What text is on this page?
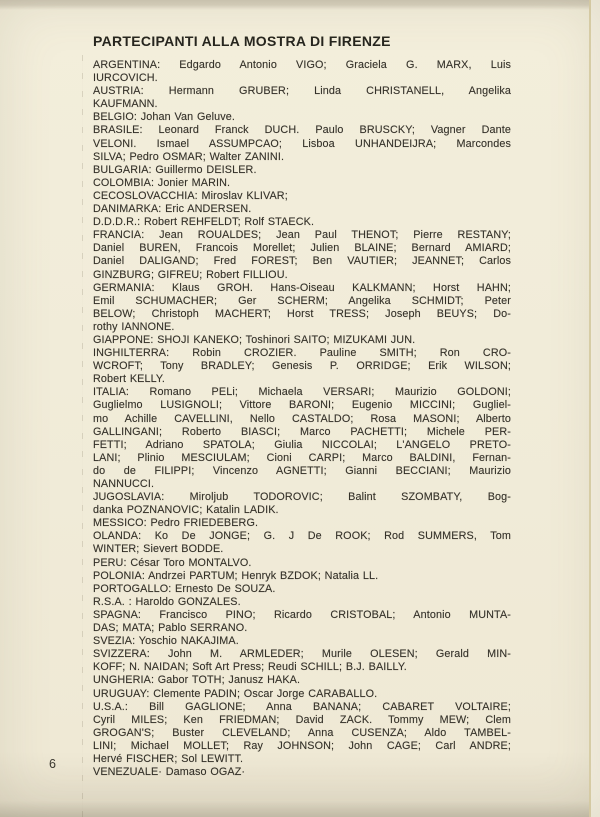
PARTECIPANTI ALLA MOSTRA DI FIRENZE
ARGENTINA: Edgardo Antonio VIGO; Graciela G. MARX, Luis
IURCOVICH.
AUSTRIA: Hermann GRUBER; Linda CHRISTANELL, Angelika
KAUFMANN.
BELGIO: Johan Van Geluve.
BRASILE: Leonard Franck DUCH. Paulo BRUSCKY; Vagner Dante
VELONI. Ismael ASSUMPCAO; Lisboa UNHANDEIJRA; Marcondes
SILVA; Pedro OSMAR; Walter ZANINI.
BULGARIA: Guillermo DEISLER.
COLOMBIA: Jonier MARIN.
CECOSLOVACCHIA: Miroslav KLIVAR;
DANIMARKA: Eric ANDERSEN.
D.D.D.R.: Robert REHFELDT; Rolf STAECK.
FRANCIA: Jean ROUALDES; Jean Paul THENOT; Pierre RESTANY;
Daniel BUREN, Francois Morellet; Julien BLAINE; Bernard AMIARD;
Daniel DALIGAND; Fred FOREST; Ben VAUTIER; JEANNET; Carlos
GINZBURG; GIFREU; Robert FILLIOU.
GERMANIA: Klaus GROH. Hans-Oiseau KALKMANN; Horst HAHN;
Emil SCHUMACHER; Ger SCHERM; Angelika SCHMIDT; Peter
BELOW; Christoph MACHERT; Horst TRESS; Joseph BEUYS; Do-
rothy IANNONE.
GIAPPONE: SHOJI KANEKO; Toshinori SAITO; MIZUKAMI JUN.
INGHILTERRA: Robin CROZIER. Pauline SMITH; Ron CRO-
WCROFT; Tony BRADLEY; Genesis P. ORRIDGE; Erik WILSON;
Robert KELLY.
ITALIA: Romano PELi; Michaela VERSARI; Maurizio GOLDONI;
Guglielmo LUSIGNOLI; Vittore BARONI; Eugenio MICCINI; Gugliel-
mo Achille CAVELLINI, Nello CASTALDO; Rosa MASONI; Alberto
GALLINGANI; Roberto BIASCI; Marco PACHETTI; Michele PER-
FETTI; Adriano SPATOLA; Giulia NICCOLAI; L'ANGELO PRETO-
LANI; Plinio MESCIULAM; Cioni CARPI; Marco BALDINI, Fernan-
do de FILIPPI; Vincenzo AGNETTI; Gianni BECCIANI; Maurizio
NANNUCCI.
JUGOSLAVIA: Miroljub TODOROVIC; Balint SZOMBATY, Bog-
danka POZNANOVIC; Katalin LADIK.
MESSICO: Pedro FRIEDEBERG.
OLANDA: Ko De JONGE; G. J De ROOK; Rod SUMMERS, Tom
WINTER; Sievert BODDE.
PERU: César Toro MONTALVO.
POLONIA: Andrzei PARTUM; Henryk BZDOK; Natalia LL.
PORTOGALLO: Ernesto De SOUZA.
R.S.A. : Haroldo GONZALES.
SPAGNA: Francisco PINO; Ricardo CRISTOBAL; Antonio MUNTA-
DAS; MATA; Pablo SERRANO.
SVEZIA: Yoschio NAKAJIMA.
SVIZZERA: John M. ARMLEDER; Murile OLESEN; Gerald MIN-
KOFF; N. NAIDAN; Soft Art Press; Reudi SCHILL; B.J. BAILLY.
UNGHERIA: Gabor TOTH; Janusz HAKA.
URUGUAY: Clemente PADIN; Oscar Jorge CARABALLO.
U.S.A.: Bill GAGLIONE; Anna BANANA; CABARET VOLTAIRE;
Cyril MILES; Ken FRIEDMAN; David ZACK. Tommy MEW; Clem
GROGAN'S; Buster CLEVELAND; Anna CUSENZA; Aldo TAMBEL-
LINI; Michael MOLLET; Ray JOHNSON; John CAGE; Carl ANDRE;
Hervé FISCHER; Sol LEWITT.
VENEZUALE· Damaso OGAZ·
6
